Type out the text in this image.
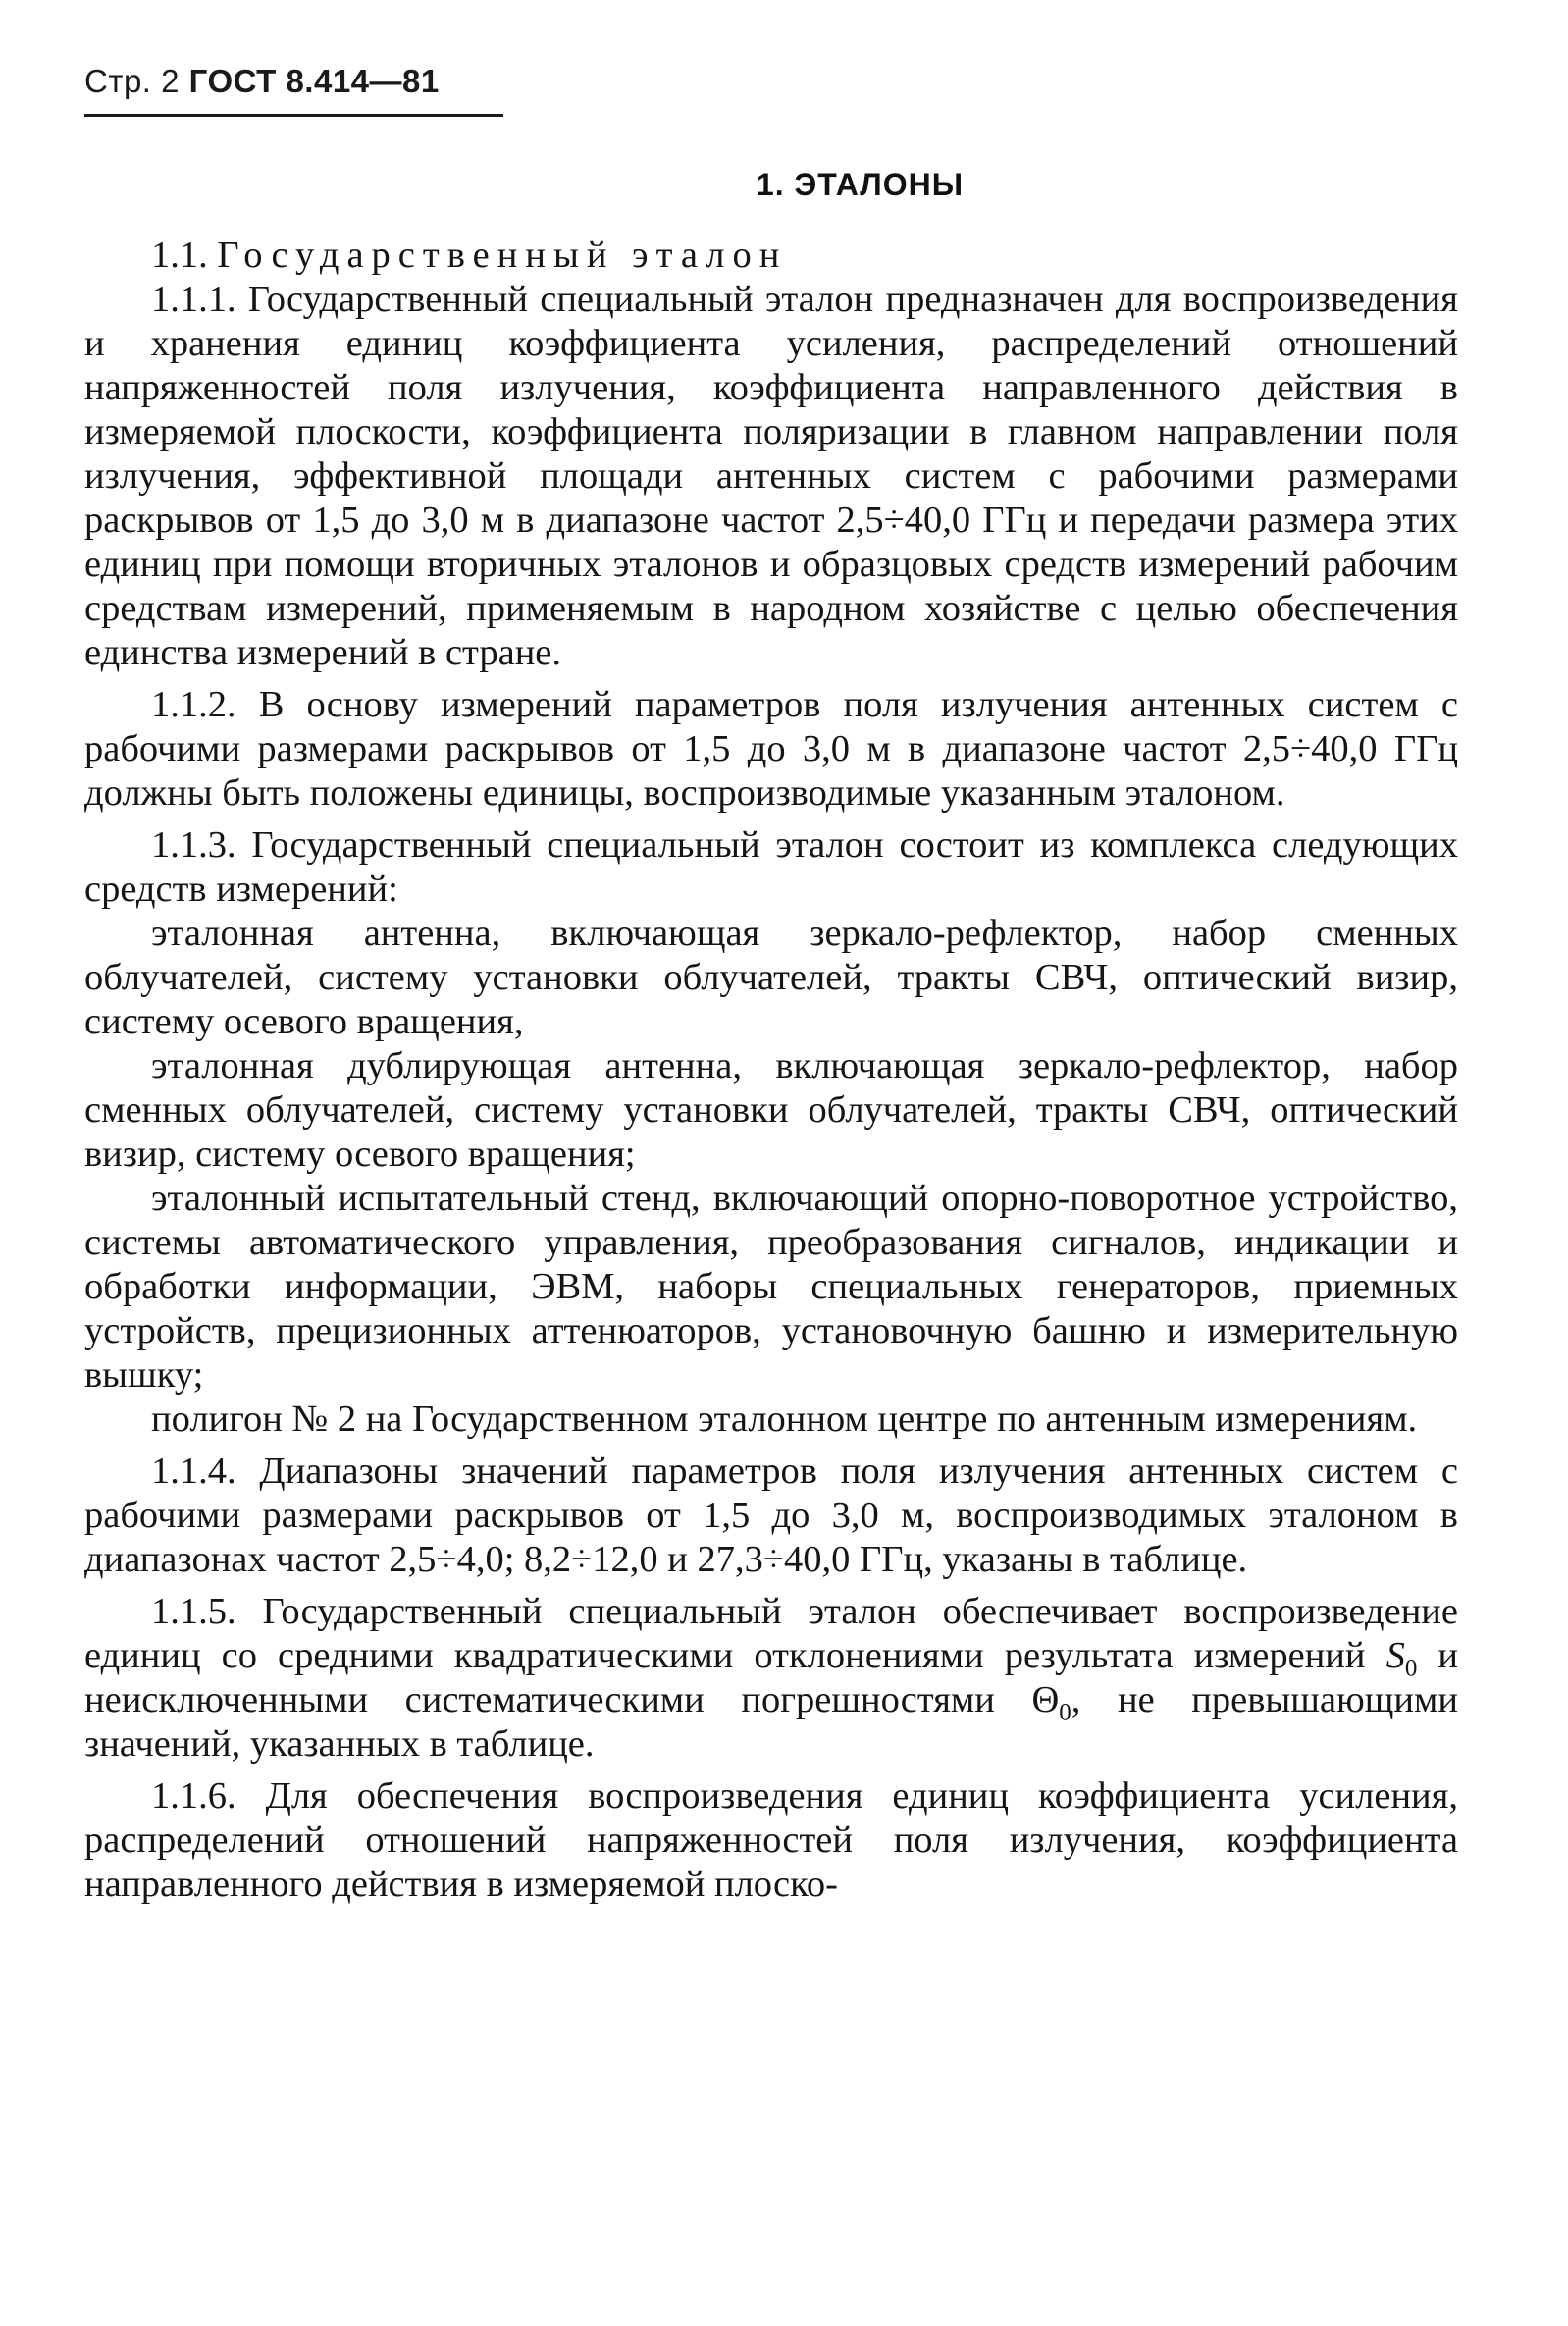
Стр. 2 ГОСТ 8.414—81
1. ЭТАЛОНЫ

1.1. Государственный эталон

1.1.1. Государственный специальный эталон предназначен для воспроизведения и хранения единиц коэффициента усиления, распределений отношений напряженностей поля излучения, коэффициента направленного действия в измеряемой плоскости, коэффициента поляризации в главном направлении поля излучения, эффективной площади антенных систем с рабочими размерами раскрывов от 1,5 до 3,0 м в диапазоне частот 2,5÷40,0 ГГц и передачи размера этих единиц при помощи вторичных эталонов и образцовых средств измерений рабочим средствам измерений, применяемым в народном хозяйстве с целью обеспечения единства измерений в стране.

1.1.2. В основу измерений параметров поля излучения антенных систем с рабочими размерами раскрывов от 1,5 до 3,0 м в диапазоне частот 2,5÷40,0 ГГц должны быть положены единицы, воспроизводимые указанным эталоном.

1.1.3. Государственный специальный эталон состоит из комплекса следующих средств измерений:

эталонная антенна, включающая зеркало-рефлектор, набор сменных облучателей, систему установки облучателей, тракты СВЧ, оптический визир, систему осевого вращения,

эталонная дублирующая антенна, включающая зеркало-рефлектор, набор сменных облучателей, систему установки облучателей, тракты СВЧ, оптический визир, систему осевого вращения;

эталонный испытательный стенд, включающий опорно-поворотное устройство, системы автоматического управления, преобразования сигналов, индикации и обработки информации, ЭВМ, наборы специальных генераторов, приемных устройств, прецизионных аттенюаторов, установочную башню и измерительную вышку;

полигон № 2 на Государственном эталонном центре по антенным измерениям.

1.1.4. Диапазоны значений параметров поля излучения антенных систем с рабочими размерами раскрывов от 1,5 до 3,0 м, воспроизводимых эталоном в диапазонах частот 2,5÷4,0; 8,2÷12,0 и 27,3÷40,0 ГГц, указаны в таблице.

1.1.5. Государственный специальный эталон обеспечивает воспроизведение единиц со средними квадратическими отклонениями результата измерений $S_0$ и неисключенными систематическими погрешностями $\Theta_0$, не превышающими значений, указанных в таблице.

1.1.6. Для обеспечения воспроизведения единиц коэффициента усиления, распределений отношений напряженностей поля излучения, коэффициента направленного действия в измеряемой плоско-
